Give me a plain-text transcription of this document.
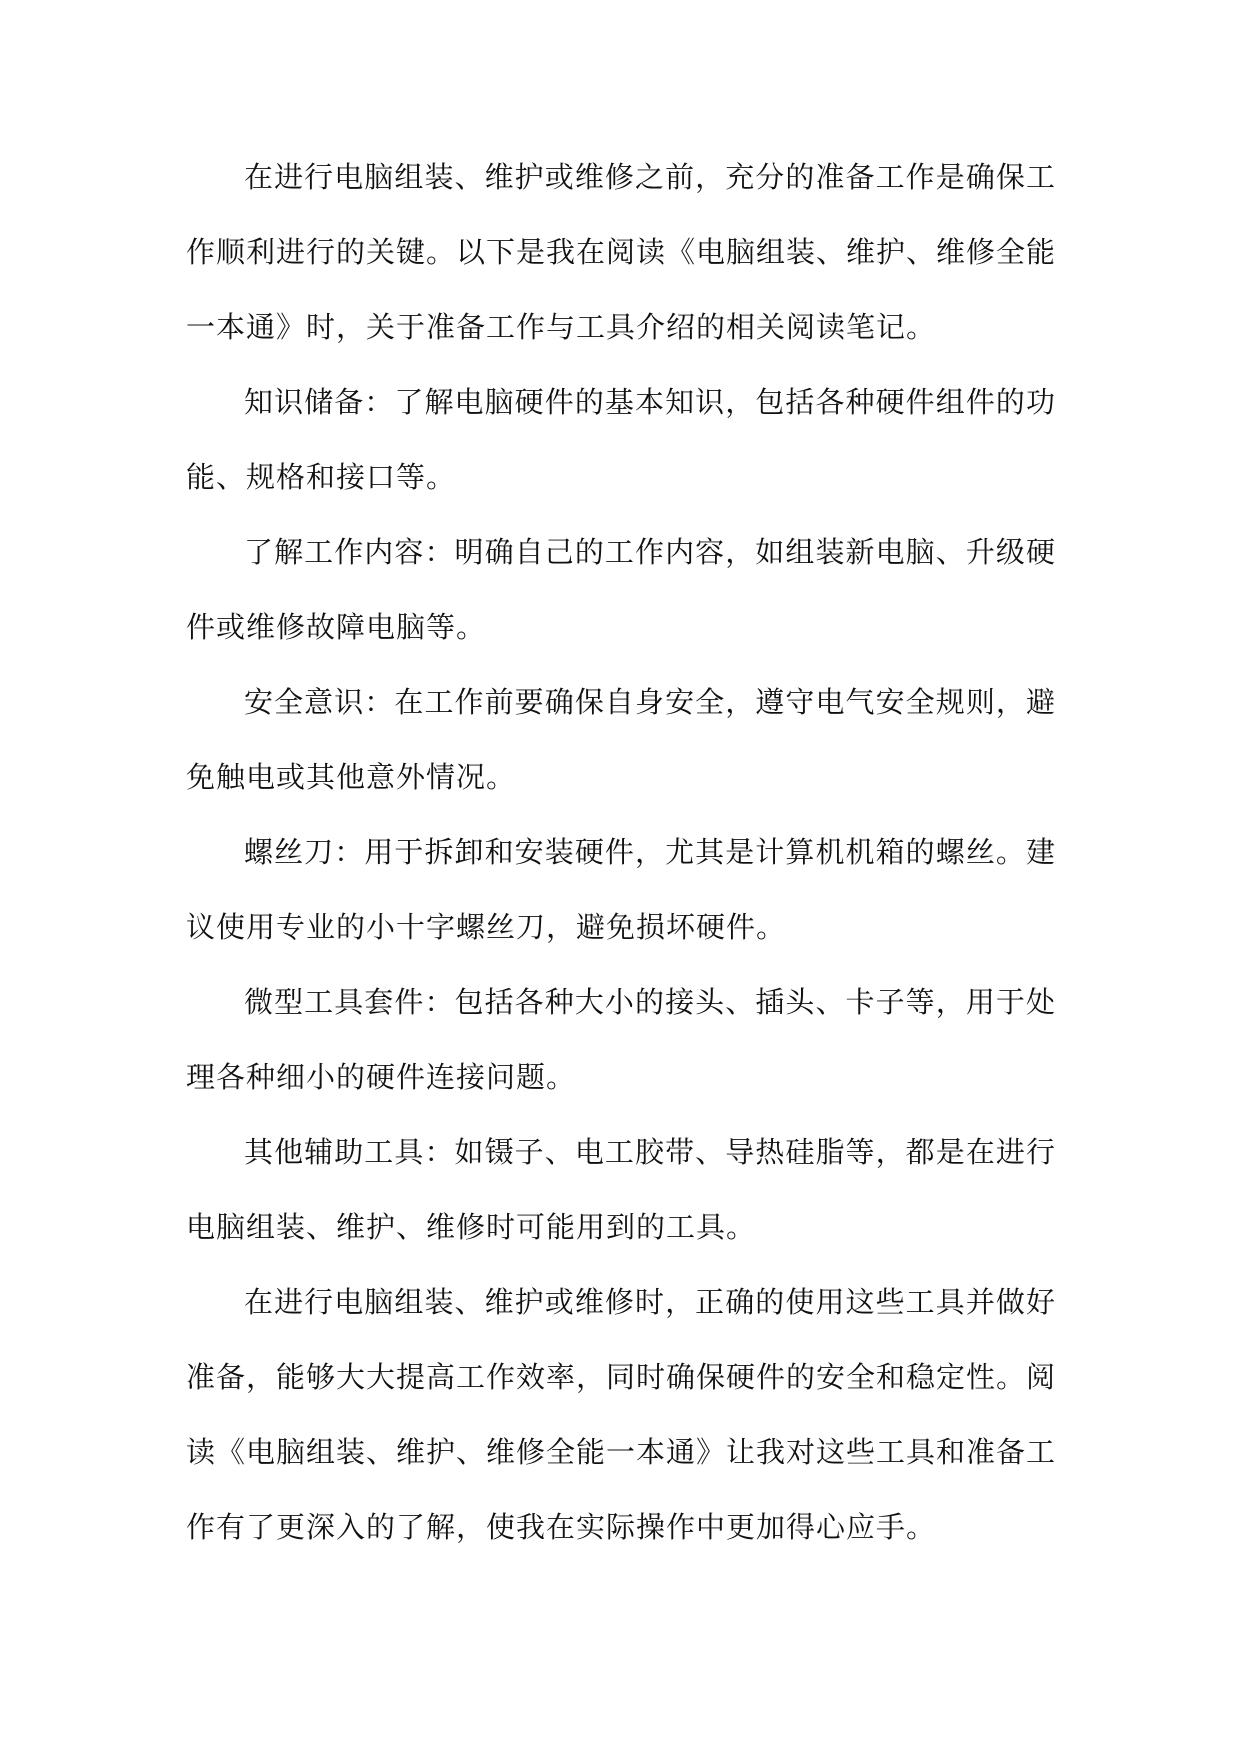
在进行电脑组装、维护或维修之前，充分的准备工作是确保工作顺利进行的关键。以下是我在阅读《电脑组装、维护、维修全能一本通》时，关于准备工作与工具介绍的相关阅读笔记。

知识储备：了解电脑硬件的基本知识，包括各种硬件组件的功能、规格和接口等。

了解工作内容：明确自己的工作内容，如组装新电脑、升级硬件或维修故障电脑等。

安全意识：在工作前要确保自身安全，遵守电气安全规则，避免触电或其他意外情况。

螺丝刀：用于拆卸和安装硬件，尤其是计算机机箱的螺丝。建议使用专业的小十字螺丝刀，避免损坏硬件。

微型工具套件：包括各种大小的接头、插头、卡子等，用于处理各种细小的硬件连接问题。

其他辅助工具：如镊子、电工胶带、导热硅脂等，都是在进行电脑组装、维护、维修时可能用到的工具。

在进行电脑组装、维护或维修时，正确的使用这些工具并做好准备，能够大大提高工作效率，同时确保硬件的安全和稳定性。阅读《电脑组装、维护、维修全能一本通》让我对这些工具和准备工作有了更深入的了解，使我在实际操作中更加得心应手。
